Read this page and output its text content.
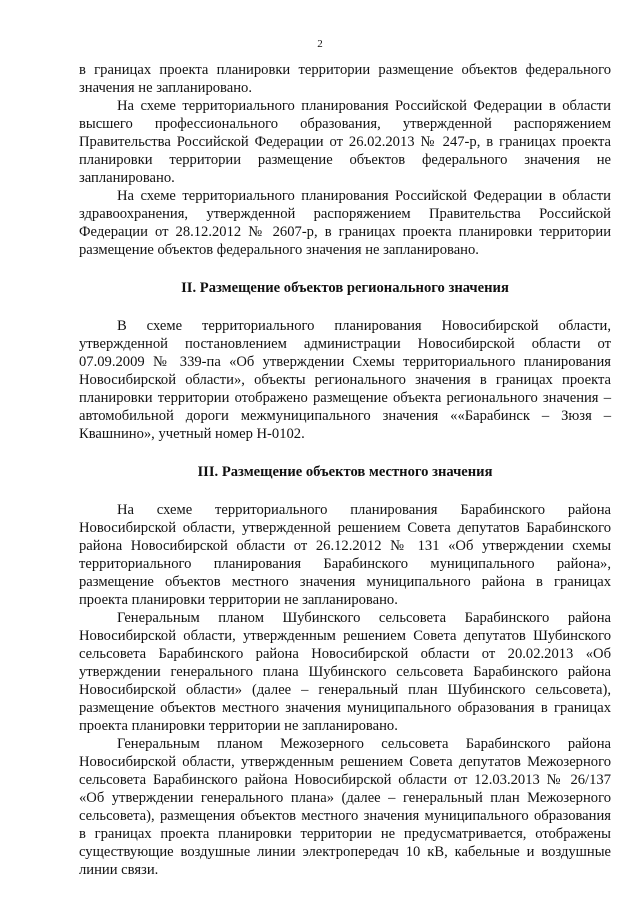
2

в границах проекта планировки территории размещение объектов федерального значения не запланировано.

На схеме территориального планирования Российской Федерации в области высшего профессионального образования, утвержденной распоряжением Правительства Российской Федерации от 26.02.2013 № 247-р, в границах проекта планировки территории размещение объектов федерального значения не запланировано.

На схеме территориального планирования Российской Федерации в области здравоохранения, утвержденной распоряжением Правительства Российской Федерации от 28.12.2012 № 2607-р, в границах проекта планировки территории размещение объектов федерального значения не запланировано.

II. Размещение объектов регионального значения

В схеме территориального планирования Новосибирской области, утвержденной постановлением администрации Новосибирской области от 07.09.2009 № 339-па «Об утверждении Схемы территориального планирования Новосибирской области», объекты регионального значения в границах проекта планировки территории отображено размещение объекта регионального значения – автомобильной дороги межмуниципального значения ««Барабинск – Зюзя – Квашнино», учетный номер Н-0102.

III. Размещение объектов местного значения

На схеме территориального планирования Барабинского района Новосибирской области, утвержденной решением Совета депутатов Барабинского района Новосибирской области от 26.12.2012 № 131 «Об утверждении схемы территориального планирования Барабинского муниципального района», размещение объектов местного значения муниципального района в границах проекта планировки территории не запланировано.

Генеральным планом Шубинского сельсовета Барабинского района Новосибирской области, утвержденным решением Совета депутатов Шубинского сельсовета Барабинского района Новосибирской области от 20.02.2013 «Об утверждении генерального плана Шубинского сельсовета Барабинского района Новосибирской области» (далее – генеральный план Шубинского сельсовета), размещение объектов местного значения муниципального образования в границах проекта планировки территории не запланировано.

Генеральным планом Межозерного сельсовета Барабинского района Новосибирской области, утвержденным решением Совета депутатов Межозерного сельсовета Барабинского района Новосибирской области от 12.03.2013 № 26/137 «Об утверждении генерального плана» (далее – генеральный план Межозерного сельсовета), размещения объектов местного значения муниципального образования в границах проекта планировки территории не предусматривается, отображены существующие воздушные линии электропередач 10 кВ, кабельные и воздушные линии связи.
